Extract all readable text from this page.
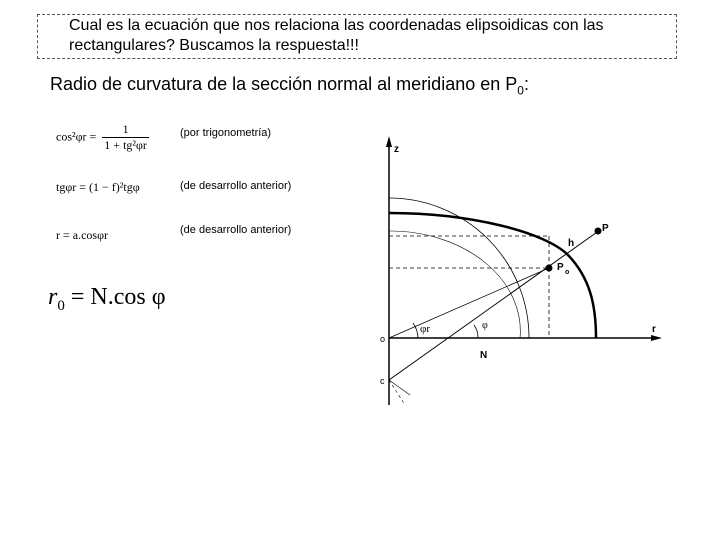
Cual es la ecuación que nos relaciona las coordenadas elipsoidicas con las rectangulares? Buscamos la respuesta!!!
Radio de curvatura de la sección normal al meridiano en $P_0$:
$\cos^2\varphi r = \frac{1}{\text{1 + tg²φr}}$	(por trigonometría)
tgφr = (1 − f)²tgφ	(de desarrollo anterior)
r = a.cosφr	(de desarrollo anterior)
$r_0 = N.\cos$ φ
z
r
P
P o
h
N
φr	φ
o
c
